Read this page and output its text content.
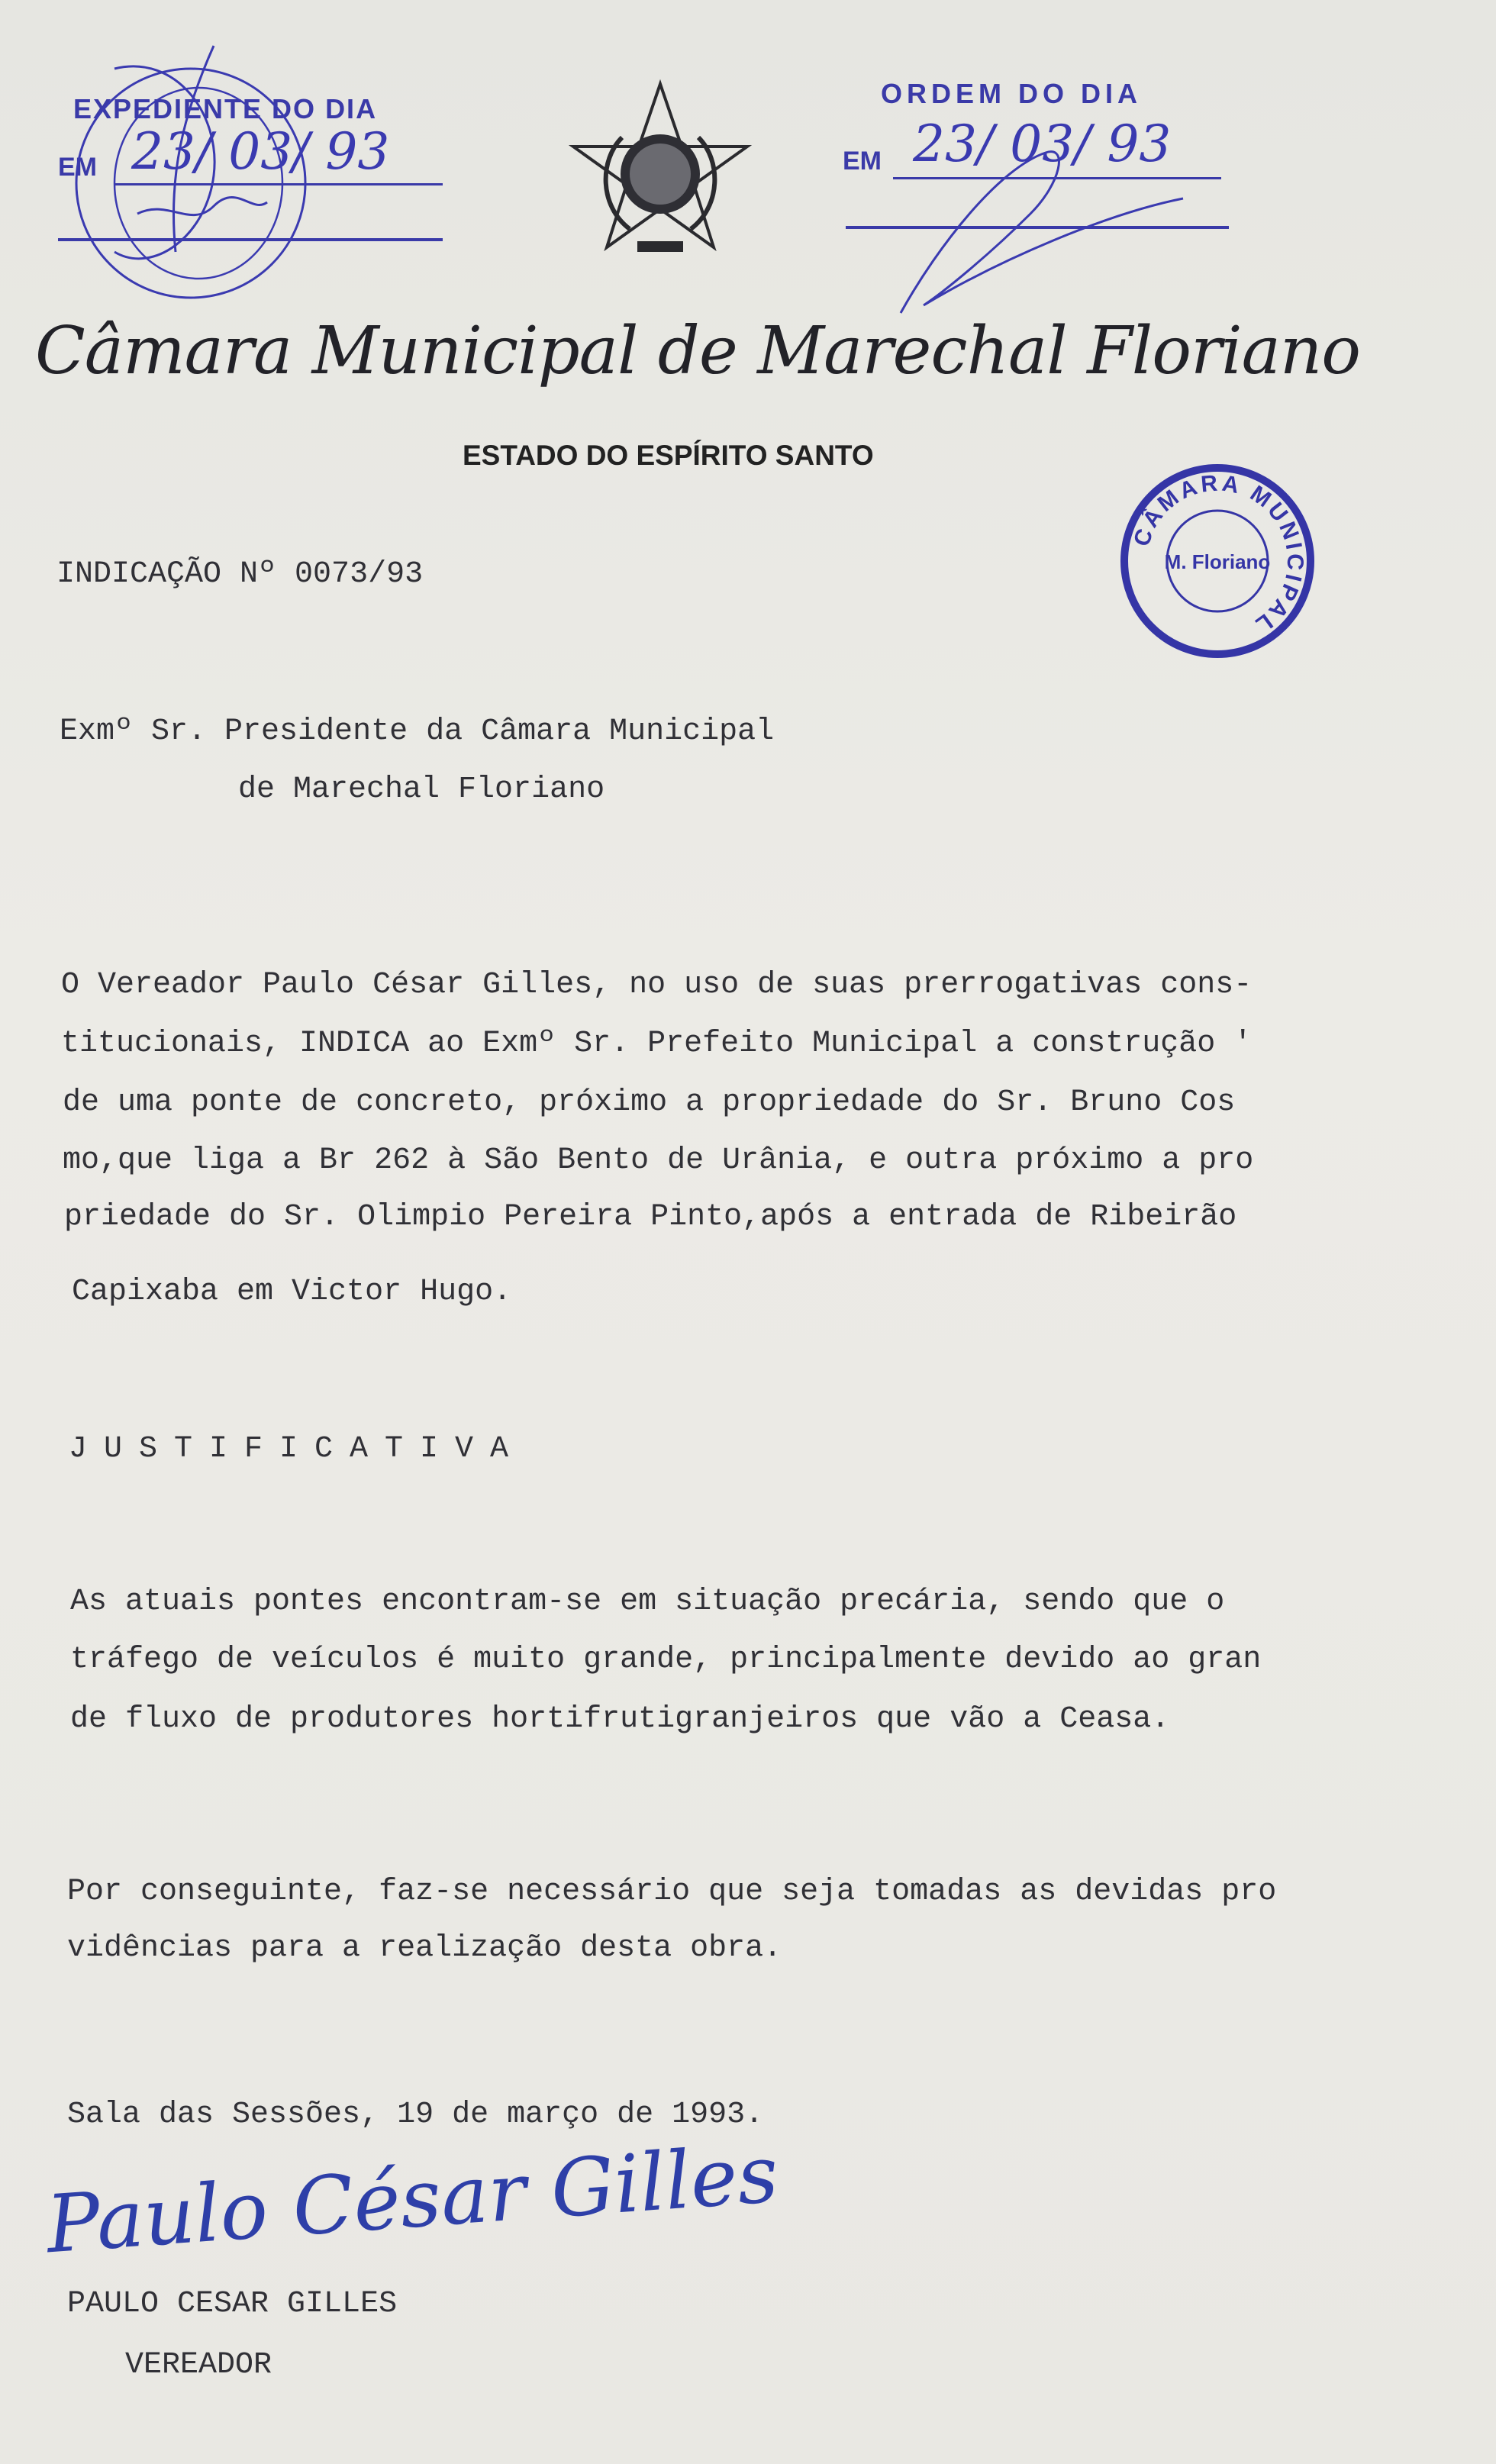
EXPEDIENTE DO DIA
EM 23/ 03/ 93
ORDEM DO DIA
EM 23/ 03/ 93
Câmara Municipal de Marechal Floriano
ESTADO DO ESPÍRITO SANTO
CÂMARA MUNICIPAL
M. Floriano
INDICAÇÃO Nº 0073/93
Exmº Sr. Presidente da Câmara Municipal
de Marechal Floriano
O Vereador Paulo César Gilles, no uso de suas prerrogativas cons-
titucionais, INDICA ao Exmº Sr. Prefeito Municipal a construção '
de uma ponte de concreto, próximo a propriedade do Sr. Bruno Cos
mo,que liga a Br 262 à São Bento de Urânia, e outra próximo a pro
priedade do Sr. Olimpio Pereira Pinto,após a entrada de Ribeirão
Capixaba em Victor Hugo.
JUSTIFICATIVA
As atuais pontes encontram-se em situação precária, sendo que o
tráfego de veículos é muito grande, principalmente devido ao gran
de fluxo de produtores hortifrutigranjeiros que vão a Ceasa.
Por conseguinte, faz-se necessário que seja tomadas as devidas pro
vidências para a realização desta obra.
Sala das Sessões, 19 de março de 1993.
Paulo César Gilles
PAULO CESAR GILLES
VEREADOR
